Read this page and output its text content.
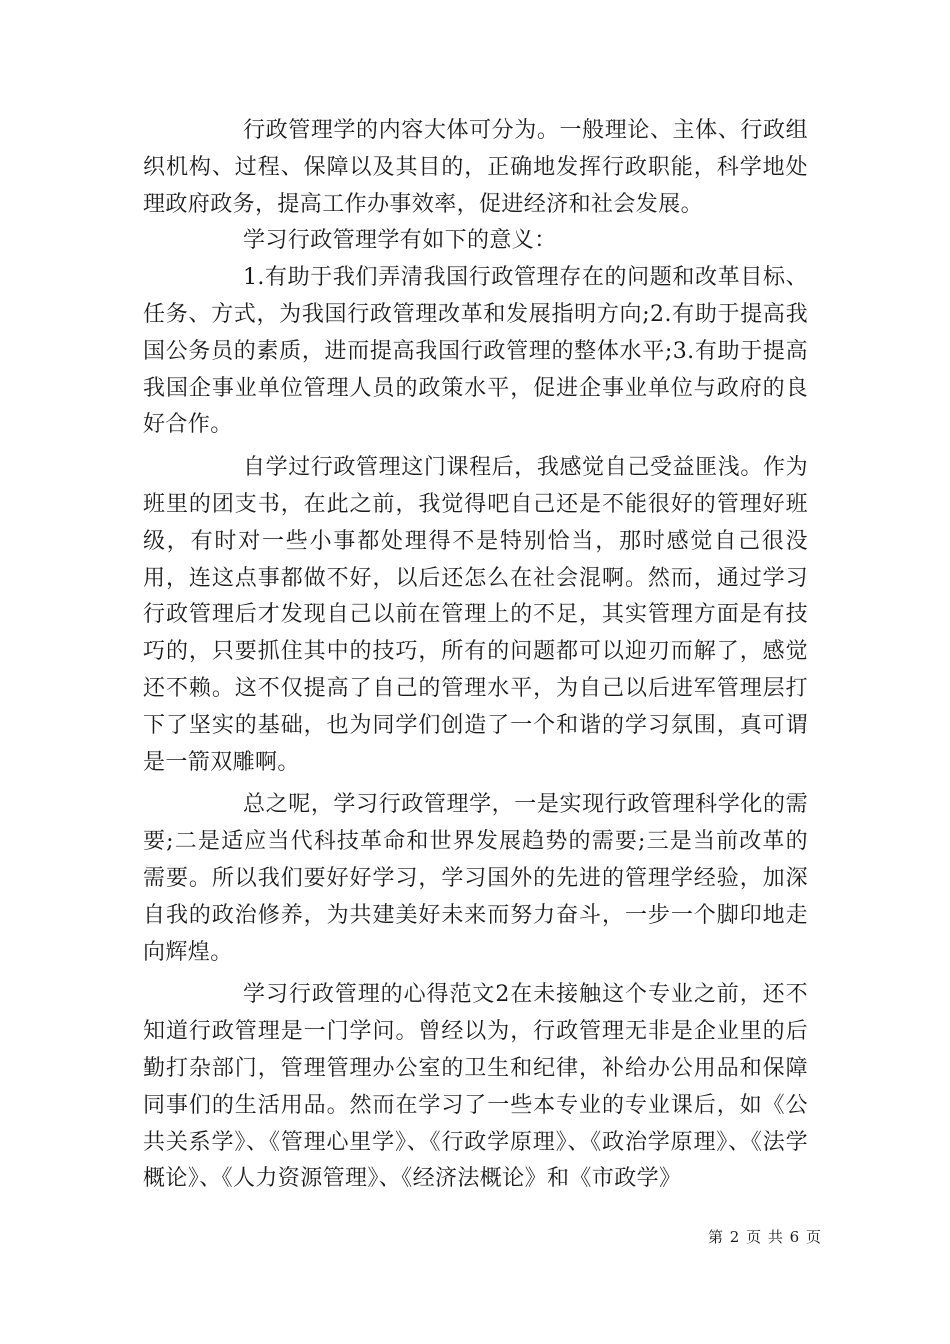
行政管理学的内容大体可分为。一般理论、主体、行政组织机构、过程、保障以及其目的，正确地发挥行政职能，科学地处理政府政务，提高工作办事效率，促进经济和社会发展。

学习行政管理学有如下的意义：

1.有助于我们弄清我国行政管理存在的问题和改革目标、任务、方式，为我国行政管理改革和发展指明方向;2.有助于提高我国公务员的素质，进而提高我国行政管理的整体水平;3.有助于提高我国企事业单位管理人员的政策水平，促进企事业单位与政府的良好合作。

自学过行政管理这门课程后，我感觉自己受益匪浅。作为班里的团支书，在此之前，我觉得吧自己还是不能很好的管理好班级，有时对一些小事都处理得不是特别恰当，那时感觉自己很没用，连这点事都做不好，以后还怎么在社会混啊。然而，通过学习行政管理后才发现自己以前在管理上的不足，其实管理方面是有技巧的，只要抓住其中的技巧，所有的问题都可以迎刃而解了，感觉还不赖。这不仅提高了自己的管理水平，为自己以后进军管理层打下了坚实的基础，也为同学们创造了一个和谐的学习氛围，真可谓是一箭双雕啊。

总之呢，学习行政管理学，一是实现行政管理科学化的需要;二是适应当代科技革命和世界发展趋势的需要;三是当前改革的需要。所以我们要好好学习，学习国外的先进的管理学经验，加深自我的政治修养，为共建美好未来而努力奋斗，一步一个脚印地走向辉煌。

学习行政管理的心得范文2在未接触这个专业之前，还不知道行政管理是一门学问。曾经以为，行政管理无非是企业里的后勤打杂部门，管理管理办公室的卫生和纪律，补给办公用品和保障同事们的生活用品。然而在学习了一些本专业的专业课后，如《公共关系学》、《管理心里学》、《行政学原理》、《政治学原理》、《法学概论》、《人力资源管理》、《经济法概论》和《市政学》

第 2 页 共 6 页
